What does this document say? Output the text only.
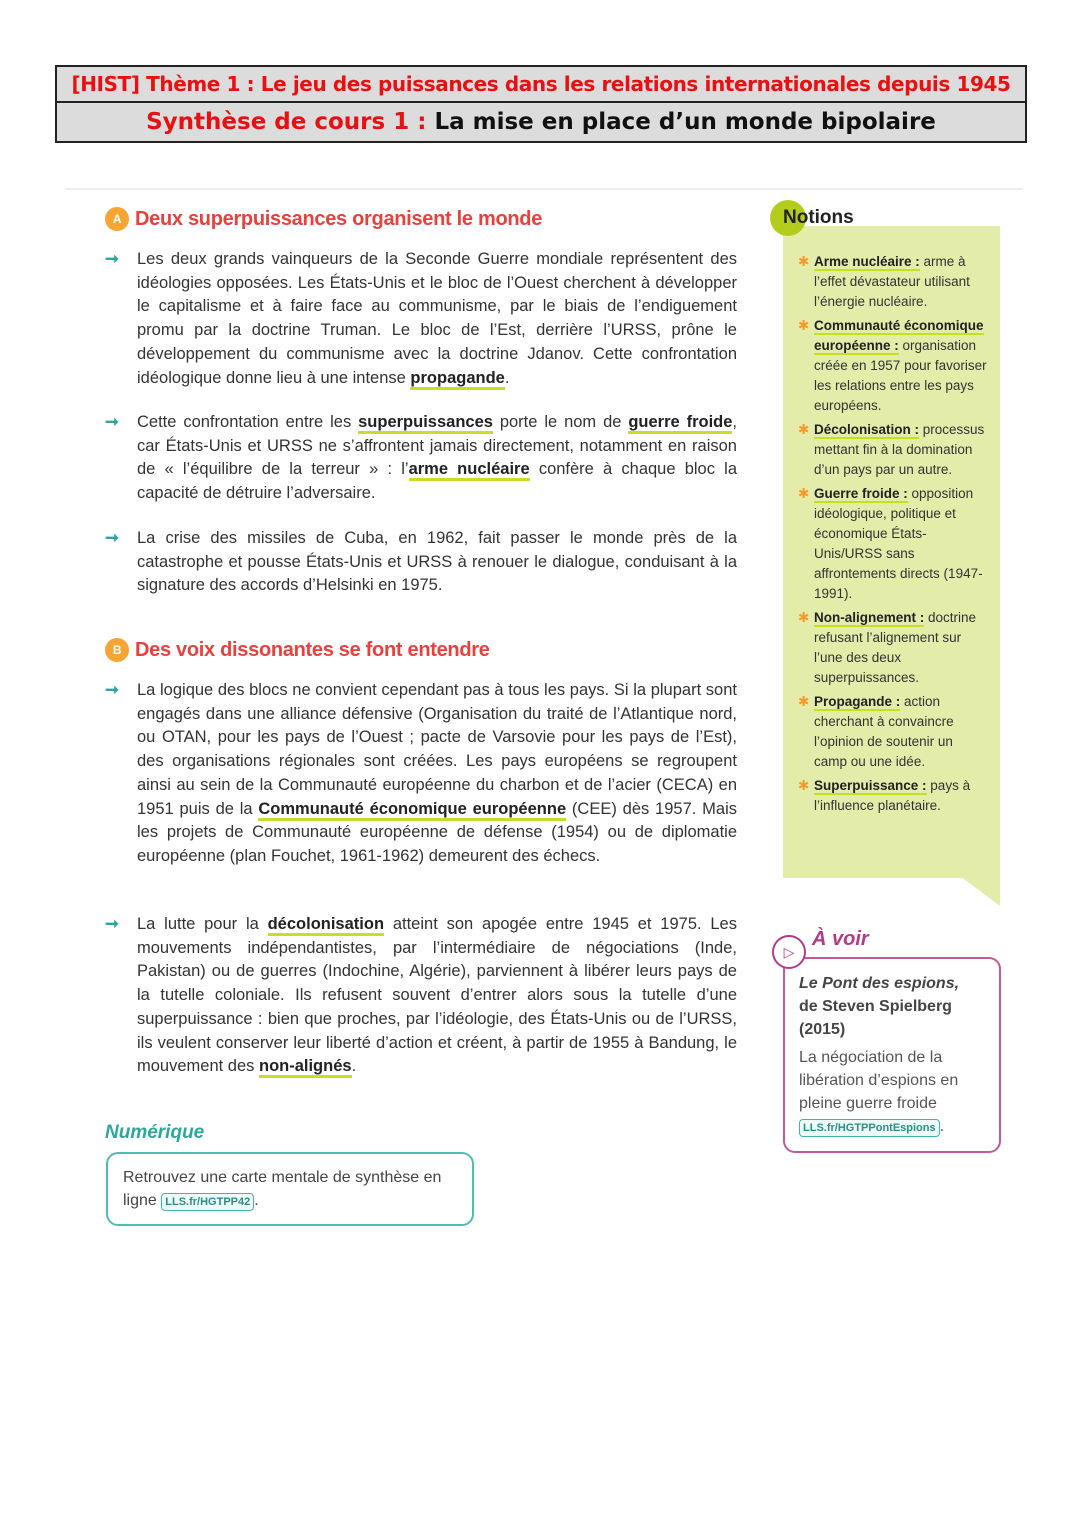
[HIST] Thème 1 : Le jeu des puissances dans les relations internationales depuis 1945
Synthèse de cours 1 : La mise en place d’un monde bipolaire
A Deux superpuissances organisent le monde
➞ Les deux grands vainqueurs de la Seconde Guerre mondiale représentent des idéologies opposées. Les États-Unis et le bloc de l’Ouest cherchent à développer le capitalisme et à faire face au communisme, par le biais de l’endiguement promu par la doctrine Truman. Le bloc de l’Est, derrière l’URSS, prône le développement du communisme avec la doctrine Jdanov. Cette confrontation idéologique donne lieu à une intense propagande.
➞ Cette confrontation entre les superpuissances porte le nom de guerre froide, car États-Unis et URSS ne s’affrontent jamais directement, notamment en raison de « l’équilibre de la terreur » : l’arme nucléaire confère à chaque bloc la capacité de détruire l’adversaire.
➞ La crise des missiles de Cuba, en 1962, fait passer le monde près de la catastrophe et pousse États-Unis et URSS à renouer le dialogue, conduisant à la signature des accords d’Helsinki en 1975.
B Des voix dissonantes se font entendre
➞ La logique des blocs ne convient cependant pas à tous les pays. Si la plupart sont engagés dans une alliance défensive (Organisation du traité de l’Atlantique nord, ou OTAN, pour les pays de l’Ouest ; pacte de Varsovie pour les pays de l’Est), des organisations régionales sont créées. Les pays européens se regroupent ainsi au sein de la Communauté européenne du charbon et de l’acier (CECA) en 1951 puis de la Communauté économique européenne (CEE) dès 1957. Mais les projets de Communauté européenne de défense (1954) ou de diplomatie européenne (plan Fouchet, 1961-1962) demeurent des échecs.
➞ La lutte pour la décolonisation atteint son apogée entre 1945 et 1975. Les mouvements indépendantistes, par l’intermédiaire de négociations (Inde, Pakistan) ou de guerres (Indochine, Algérie), parviennent à libérer leurs pays de la tutelle coloniale. Ils refusent souvent d’entrer alors sous la tutelle d’une superpuissance : bien que proches, par l’idéologie, des États-Unis ou de l’URSS, ils veulent conserver leur liberté d’action et créent, à partir de 1955 à Bandung, le mouvement des non-alignés.
Notions
✱ Arme nucléaire : arme à l’effet dévastateur utilisant l’énergie nucléaire.
✱ Communauté économique européenne : organisation créée en 1957 pour favoriser les relations entre les pays européens.
✱ Décolonisation : processus mettant fin à la domination d’un pays par un autre.
✱ Guerre froide : opposition idéologique, politique et économique États-Unis/URSS sans affrontements directs (1947-1991).
✱ Non-alignement : doctrine refusant l’alignement sur l’une des deux superpuissances.
✱ Propagande : action cherchant à convaincre l’opinion de soutenir un camp ou une idée.
✱ Superpuissance : pays à l’influence planétaire.
▷
À voir
Le Pont des espions,
de Steven Spielberg
(2015)
La négociation de la libération d’espions en pleine guerre froide
LLS.fr/HGTPPontEspions .
Numérique
Retrouvez une carte mentale de synthèse en ligne LLS.fr/HGTPP42 .
